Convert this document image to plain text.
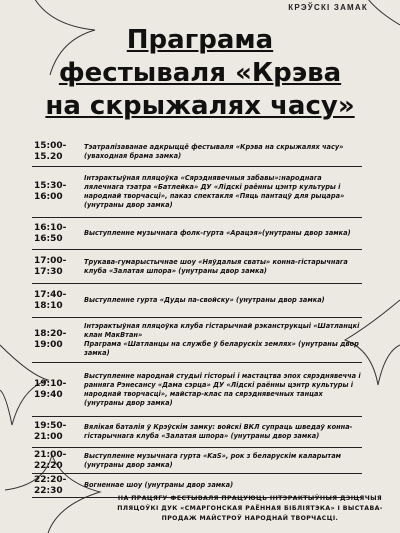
КРЭЎСКІ ЗАМАК
Праграма
фестываля «Крэва
на скрыжалях часу»
15:00-
15.20
Тэатралізаванае адкрыццё фестываля «Крэва на скрыжалях часу» (уваходная брама замка)
15:30-
16:00
Інтэрактыўная пляцоўка «Сярэднявечныя забавы»:народнага лялечнага тэатра «Батлейка» ДУ «Лідскі раённы цэнтр культуры і народнай творчасці», паказ спектакля «Пяць пантацў для рыцара» (унутраны двор замка)
16:10-
16:50
Выступленне музычнага фолк-гурта «Арацэя»(унутраны двор замка)
17:00-
17:30
Трукава-гумарыстычнае шоу «Няўдалыя сваты» конна-гістарычнага клуба «Залатая шпора» (унутраны двор замка)
17:40-
18:10
Выступленне гурта «Дуды па-свойску» (унутраны двор замка)
18:20-
19:00
Інтэрактыўная пляцоўка клуба гістарычнай рэканструкцыі «Шатланцкі клан МакВтан»
Праграма «Шатланцы на службе ў беларускіх землях» (унутраны двор замка)
19:10-
19:40
Выступленне народнай студыі гісторыі і мастацтва эпох сярэднявечча і ранняга Рэнесансу «Дама сэрца» ДУ «Лідскі раённы цэнтр культуры і народнай творчасці», майстар-клас па сярэднявечных танцах (унутраны двор замка)
19:50-
21:00
Вялікая баталія ў Крэўскім замку: войскі ВКЛ супраць шведаў конна-гістарычнага клуба «Залатая шпора» (унутраны двор замка)
21:00-
22:20
Выступленне музычнага гурта «KaS», рок з беларускім каларытам (унутраны двор замка)
22:20-
22:30
Вогненнае шоу (унутраны двор замка)
НА ПРАЦЯГУ ФЕСТЫВАЛЯ ПРАЦУЮЦЬ ІНТЭРАКТЫЎНЫЯ ДЗІЦЯЧЫЯ ПЛЯЦОЎКІ ДУК «СМАРГОНСКАЯ РАЁННАЯ БІБЛІЯТЭКА» І ВЫСТАВА-ПРОДАЖ МАЙСТРОЎ НАРОДНАЙ ТВОРЧАСЦІ.
